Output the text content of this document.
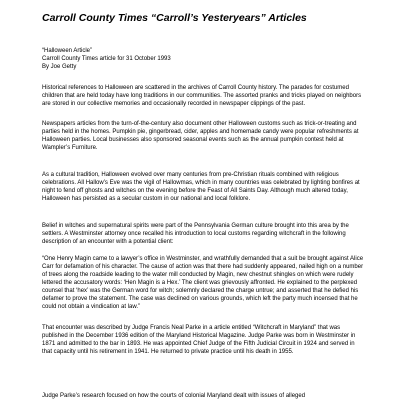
Carroll County Times “Carroll’s Yesteryears” Articles
“Halloween Article”
Carroll County Times article for 31 October 1993
By Joe Getty
Historical references to Halloween are scattered in the archives of Carroll County history. The parades for costumed children that are held today have long traditions in our communities. The assorted pranks and tricks played on neighbors are stored in our collective memories and occasionally recorded in newspaper clippings of the past.
Newspapers articles from the turn-of-the-century also document other Halloween customs such as trick-or-treating and parties held in the homes. Pumpkin pie, gingerbread, cider, apples and homemade candy were popular refreshments at Halloween parties. Local businesses also sponsored seasonal events such as the annual pumpkin contest held at Wampler’s Furniture.
As a cultural tradition, Halloween evolved over many centuries from pre-Christian rituals combined with religious celebrations. All Hallow’s Eve was the vigil of Hallowmas, which in many countries was celebrated by lighting bonfires at night to fend off ghosts and witches on the evening before the Feast of All Saints Day. Although much altered today, Halloween has persisted as a secular custom in our national and local folklore.
Belief in witches and supernatural spirits were part of the Pennsylvania German culture brought into this area by the settlers. A Westminster attorney once recalled his introduction to local customs regarding witchcraft in the following description of an encounter with a potential client:
“One Henry Magin came to a lawyer’s office in Westminster, and wrathfully demanded that a suit be brought against Alice Carr for defamation of his character. The cause of action was that there had suddenly appeared, nailed high on a number of trees along the roadside leading to the water mill conducted by Magin, new chestnut shingles on which were rudely lettered the accusatory words: ‘Hen Magin is a Hex.’ The client was grievously affronted. He explained to the perplexed counsel that ‘hex’ was the German word for witch; solemnly declared the charge untrue; and asserted that he defied his defamer to prove the statement. The case was declined on various grounds, which left the party much incensed that he could not obtain a vindication at law.”
That encounter was described by Judge Francis Neal Parke in a article entitled “Witchcraft in Maryland” that was published in the December 1936 edition of the Maryland Historical Magazine. Judge Parke was born in Westminster in 1871 and admitted to the bar in 1893. He was appointed Chief Judge of the Fifth Judicial Circuit in 1924 and served in that capacity until his retirement in 1941. He returned to private practice until his death in 1955.
Judge Parke’s research focused on how the courts of colonial Maryland dealt with issues of alleged
